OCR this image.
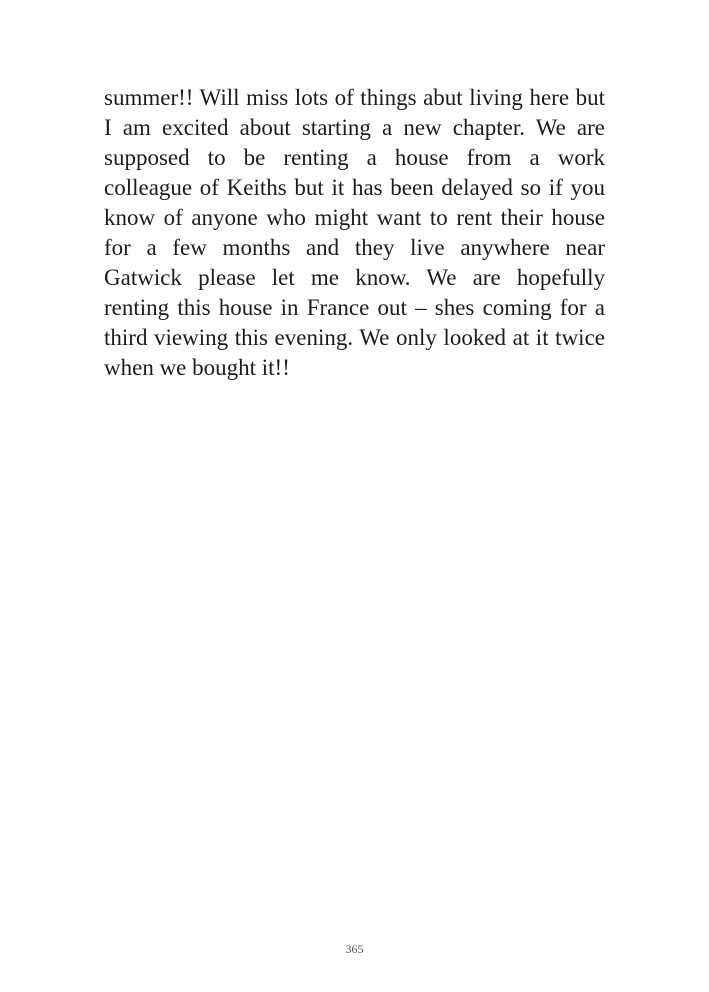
summer!! Will miss lots of things abut living here but
I am excited about starting a new chapter. We are
supposed to be renting a house from a work
colleague of Keiths but it has been delayed so if you
know of anyone who might want to rent their house
for a few months and they live anywhere near
Gatwick please let me know. We are hopefully
renting this house in France out – shes coming for a
third viewing this evening. We only looked at it twice
when we bought it!!
365
